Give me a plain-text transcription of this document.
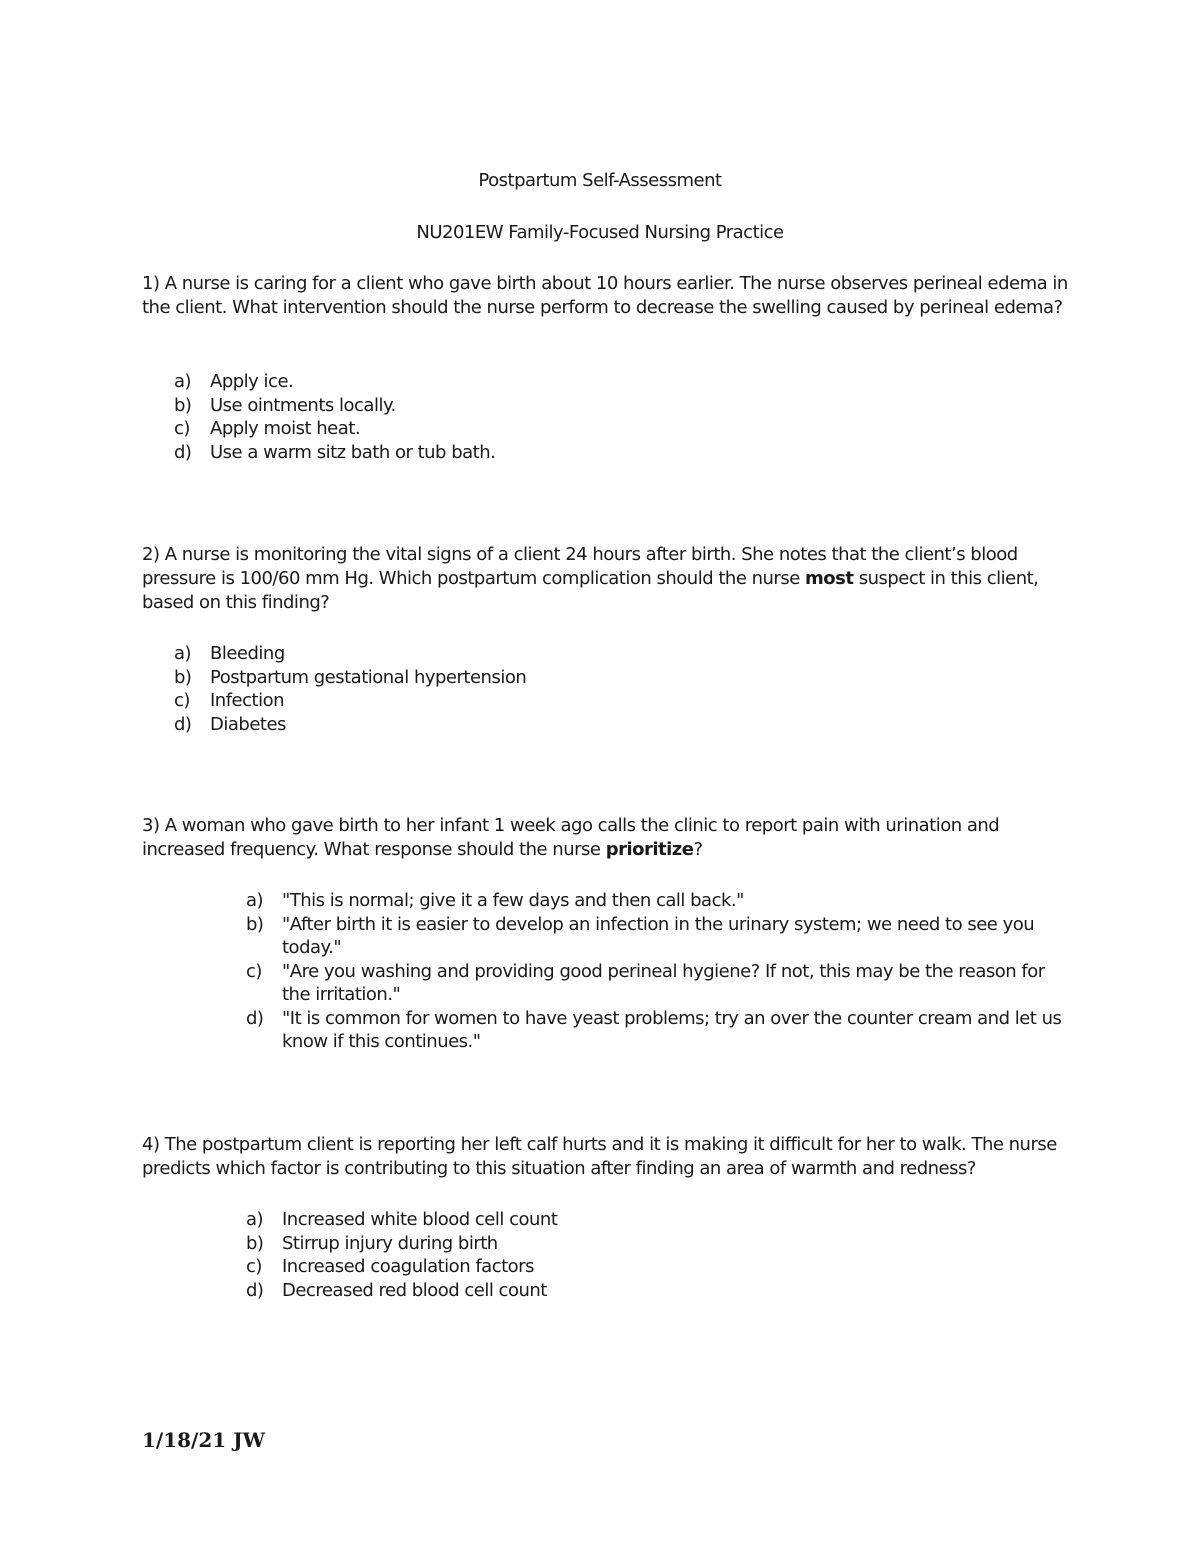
Postpartum Self-Assessment
NU201EW Family-Focused Nursing Practice

1) A nurse is caring for a client who gave birth about 10 hours earlier. The nurse observes perineal edema in the client. What intervention should the nurse perform to decrease the swelling caused by perineal edema?

a) Apply ice.
b) Use ointments locally.
c) Apply moist heat.
d) Use a warm sitz bath or tub bath.

2) A nurse is monitoring the vital signs of a client 24 hours after birth. She notes that the client’s blood pressure is 100/60 mm Hg. Which postpartum complication should the nurse most suspect in this client, based on this finding?

a) Bleeding
b) Postpartum gestational hypertension
c) Infection
d) Diabetes

3) A woman who gave birth to her infant 1 week ago calls the clinic to report pain with urination and increased frequency. What response should the nurse prioritize?

a) "This is normal; give it a few days and then call back."
b) "After birth it is easier to develop an infection in the urinary system; we need to see you today."
c) "Are you washing and providing good perineal hygiene? If not, this may be the reason for the irritation."
d) "It is common for women to have yeast problems; try an over the counter cream and let us know if this continues."

4) The postpartum client is reporting her left calf hurts and it is making it difficult for her to walk. The nurse predicts which factor is contributing to this situation after finding an area of warmth and redness?

a) Increased white blood cell count
b) Stirrup injury during birth
c) Increased coagulation factors
d) Decreased red blood cell count
1/18/21 JW
